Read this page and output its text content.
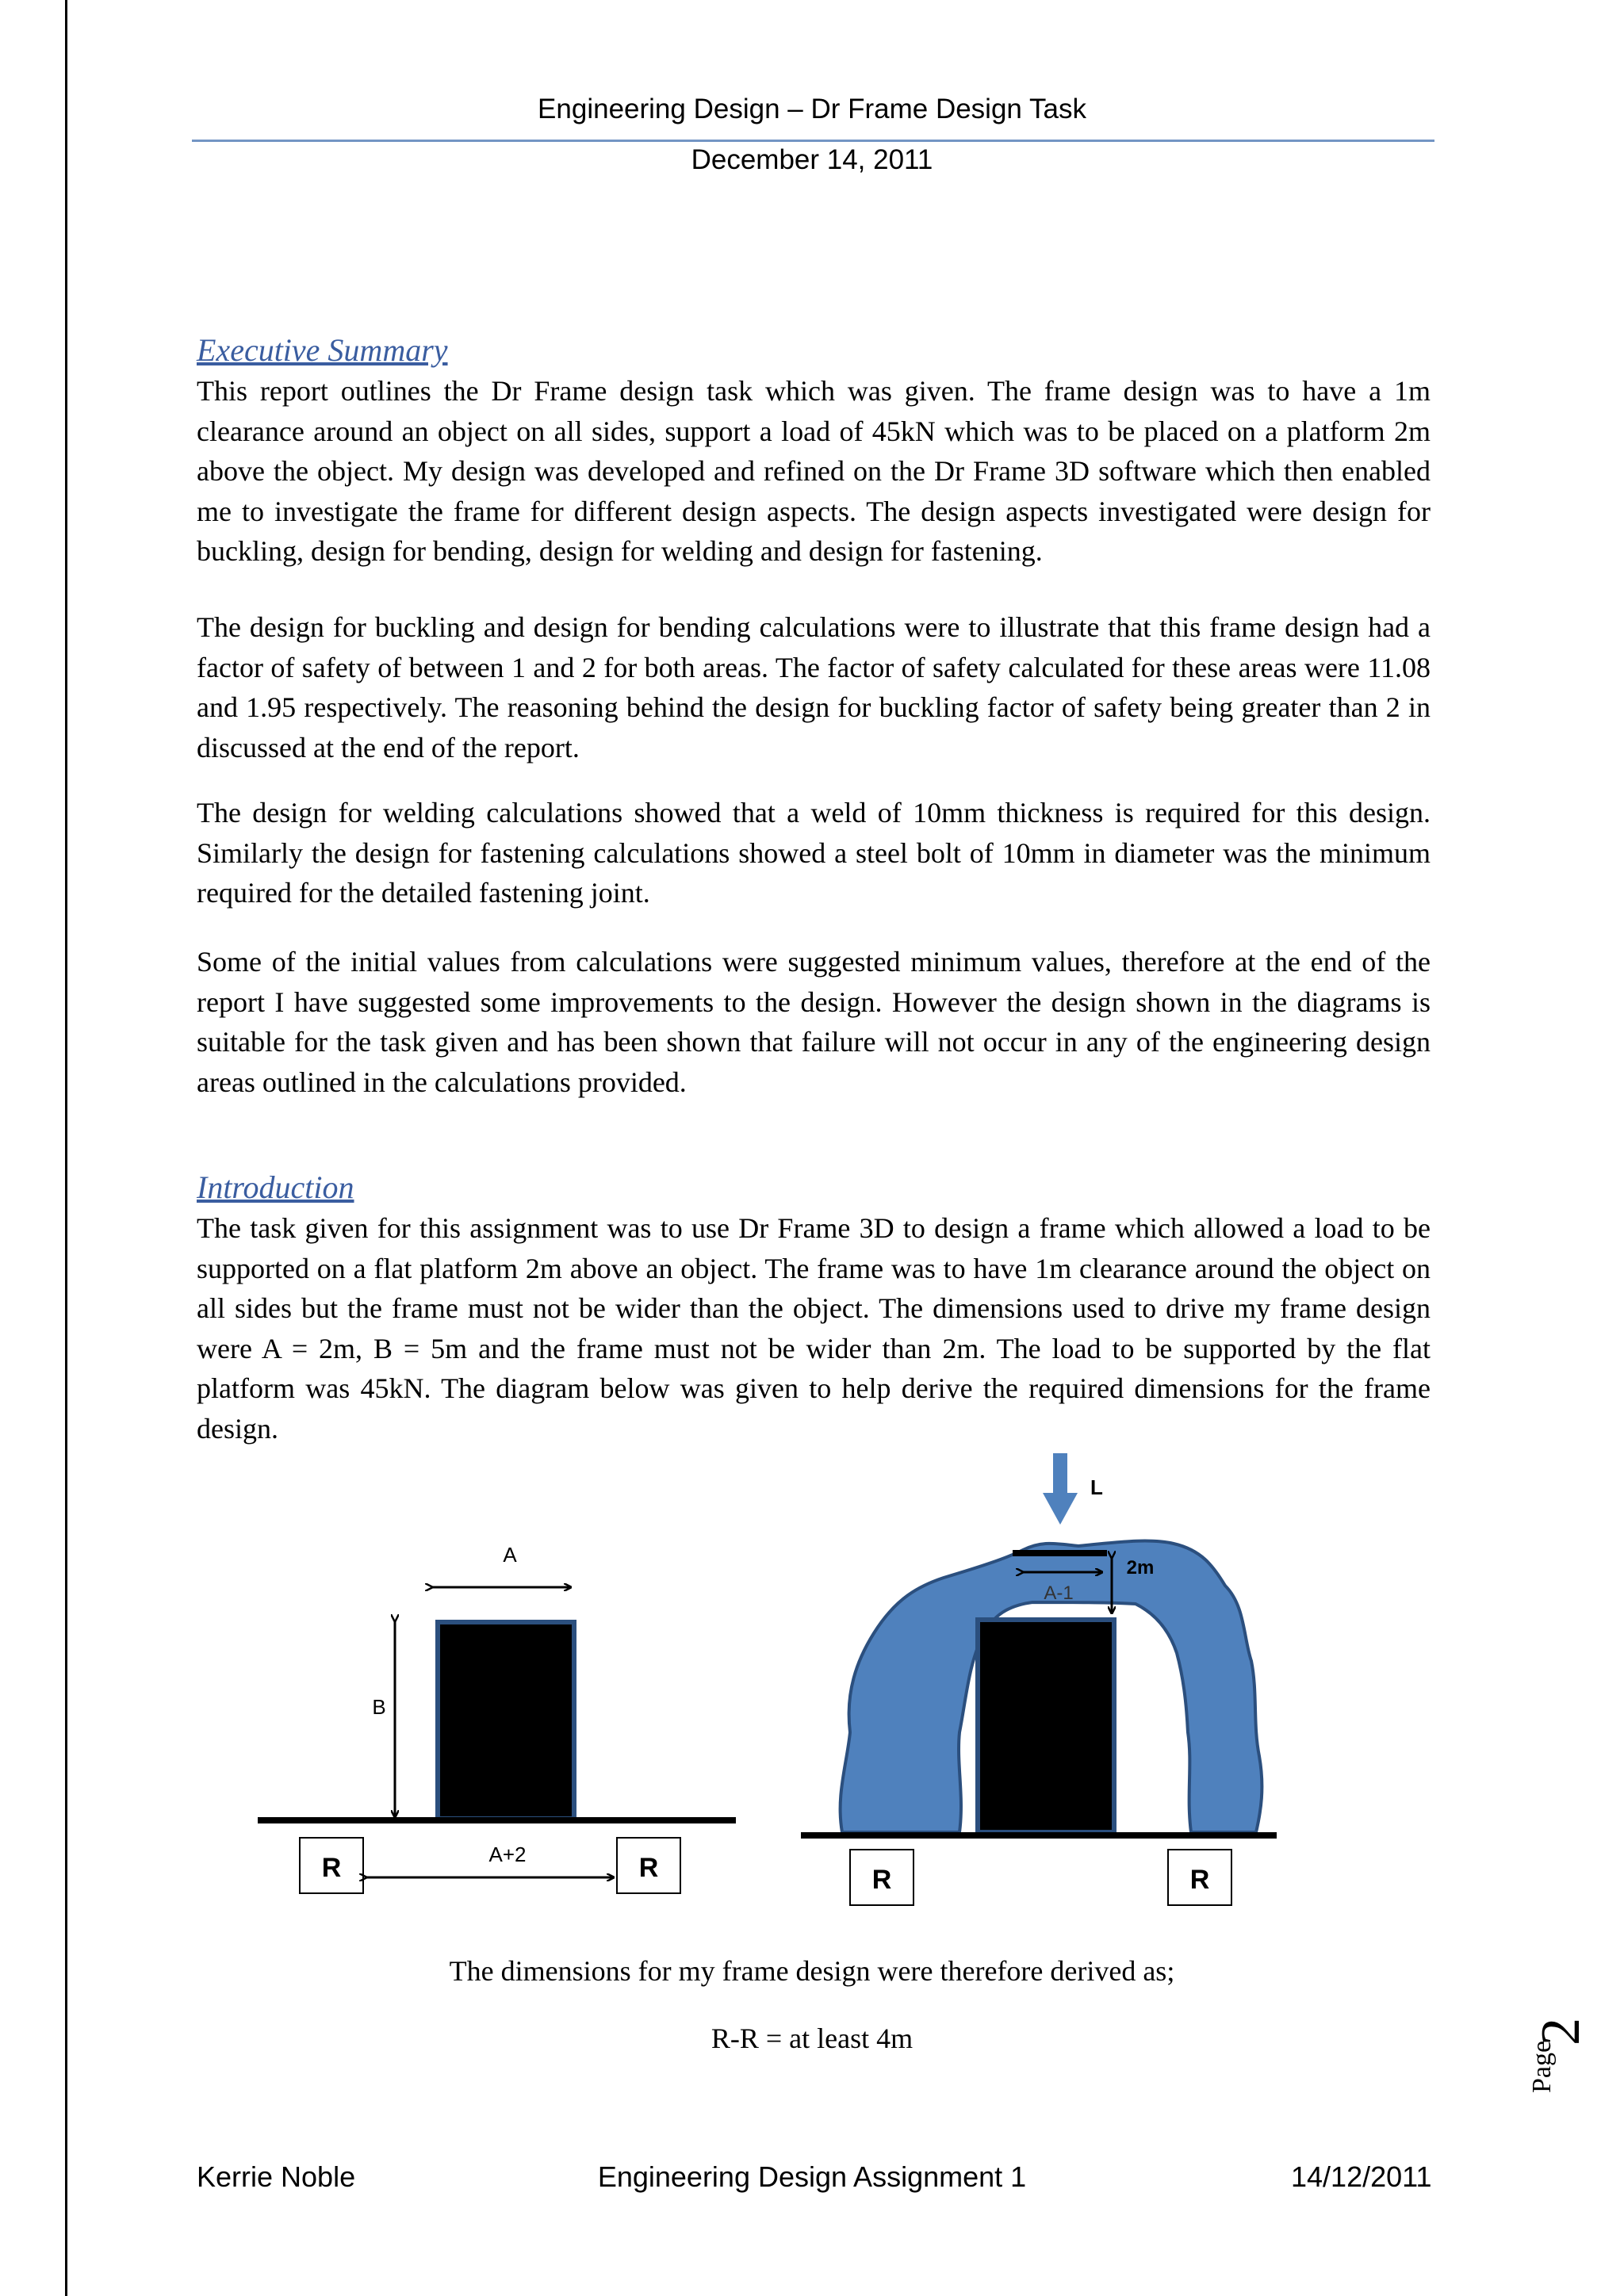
Engineering Design – Dr Frame Design Task
December 14, 2011
Executive Summary

This report outlines the Dr Frame design task which was given. The frame design was to have a 1m clearance around an object on all sides, support a load of 45kN which was to be placed on a platform 2m above the object. My design was developed and refined on the Dr Frame 3D software which then enabled me to investigate the frame for different design aspects. The design aspects investigated were design for buckling, design for bending, design for welding and design for fastening.

The design for buckling and design for bending calculations were to illustrate that this frame design had a factor of safety of between 1 and 2 for both areas. The factor of safety calculated for these areas were 11.08 and 1.95 respectively. The reasoning behind the design for buckling factor of safety being greater than 2 in discussed at the end of the report.

The design for welding calculations showed that a weld of 10mm thickness is required for this design. Similarly the design for fastening calculations showed a steel bolt of 10mm in diameter was the minimum required for the detailed fastening joint.

Some of the initial values from calculations were suggested minimum values, therefore at the end of the report I have suggested some improvements to the design. However the design shown in the diagrams is suitable for the task given and has been shown that failure will not occur in any of the engineering design areas outlined in the calculations provided.

Introduction

The task given for this assignment was to use Dr Frame 3D to design a frame which allowed a load to be supported on a flat platform 2m above an object. The frame was to have 1m clearance around the object on all sides but the frame must not be wider than the object. The dimensions used to drive my frame design were A = 2m, B = 5m and the frame must not be wider than 2m. The load to be supported by the flat platform was 45kN. The diagram below was given to help derive the required dimensions for the frame design.

A
B
R	R
A+2
L
A-1
2m
R	R
The dimensions for my frame design were therefore derived as;
R-R = at least 4m
Page
2
Kerrie Noble	Engineering Design Assignment 1	14/12/2011
